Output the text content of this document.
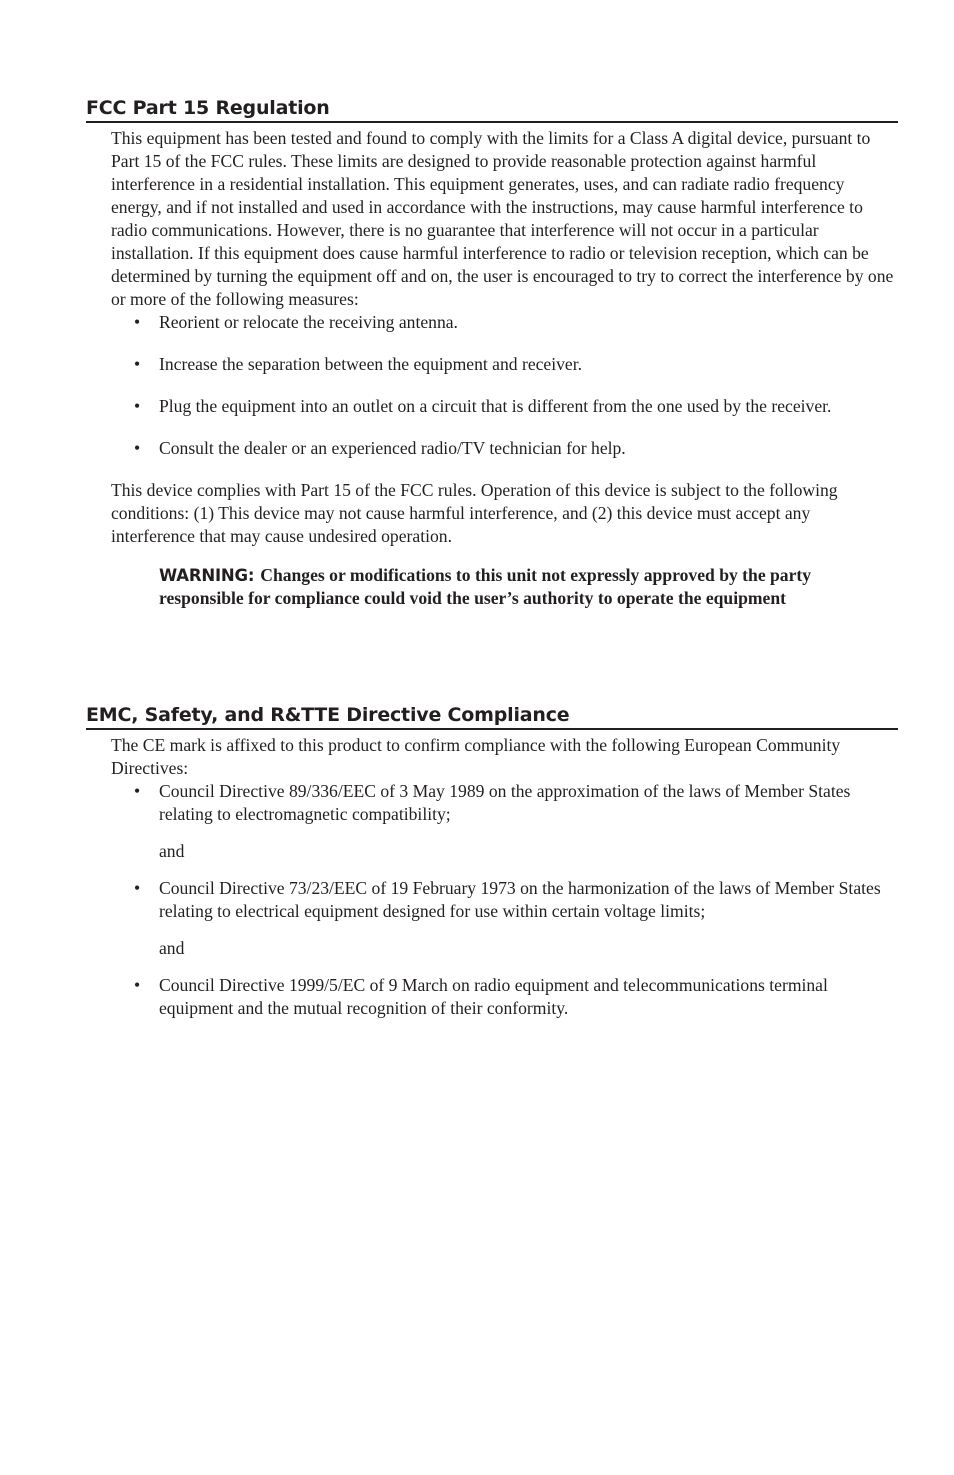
FCC Part 15 Regulation

This equipment has been tested and found to comply with the limits for a Class A digital device, pursuant to Part 15 of the FCC rules. These limits are designed to provide reasonable protection against harmful interference in a residential installation. This equipment generates, uses, and can radiate radio frequency energy, and if not installed and used in accordance with the instructions, may cause harmful interference to radio communications. However, there is no guarantee that interference will not occur in a particular installation. If this equipment does cause harmful interference to radio or television reception, which can be determined by turning the equipment off and on, the user is encouraged to try to correct the interference by one or more of the following measures:

• Reorient or relocate the receiving antenna.
• Increase the separation between the equipment and receiver.
• Plug the equipment into an outlet on a circuit that is different from the one used by the receiver.
• Consult the dealer or an experienced radio/TV technician for help.

This device complies with Part 15 of the FCC rules. Operation of this device is subject to the following conditions: (1) This device may not cause harmful interference, and (2) this device must accept any interference that may cause undesired operation.

WARNING: Changes or modifications to this unit not expressly approved by the party responsible for compliance could void the user’s authority to operate the equipment
EMC, Safety, and R&TTE Directive Compliance

The CE mark is affixed to this product to confirm compliance with the following European Community Directives:

• Council Directive 89/336/EEC of 3 May 1989 on the approximation of the laws of Member States relating to electromagnetic compatibility;
and
• Council Directive 73/23/EEC of 19 February 1973 on the harmonization of the laws of Member States relating to electrical equipment designed for use within certain voltage limits;
and
• Council Directive 1999/5/EC of 9 March on radio equipment and telecommunications terminal equipment and the mutual recognition of their conformity.
